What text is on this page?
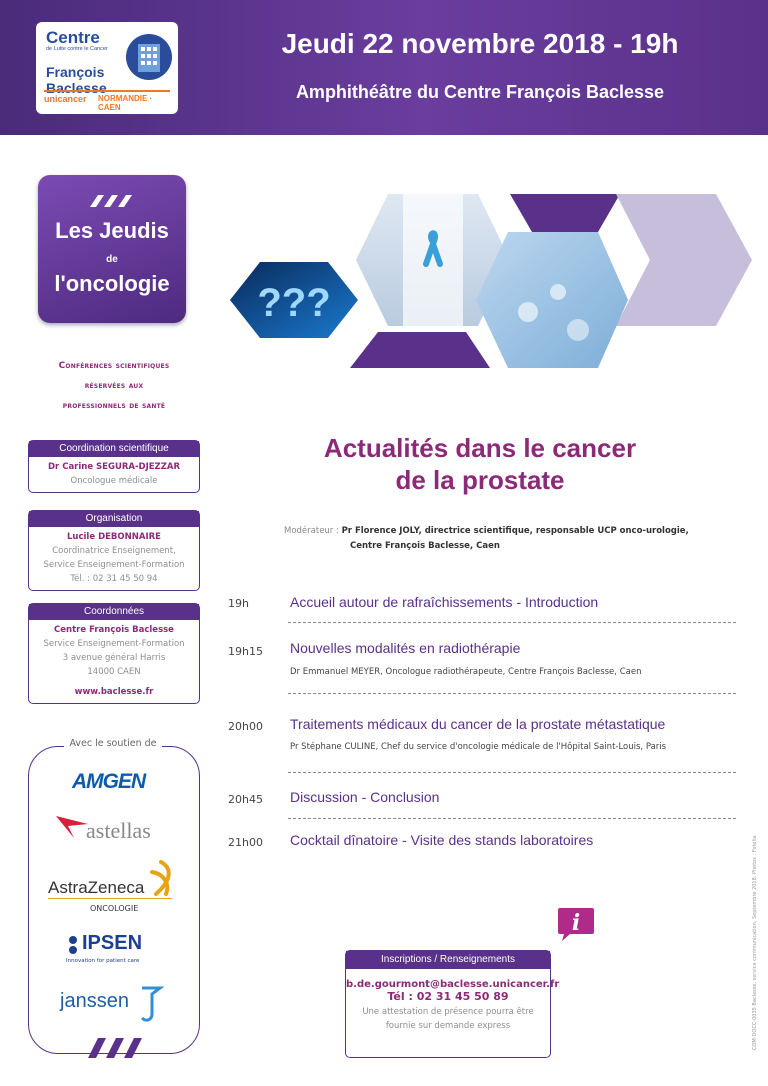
Centre
de Lutte contre le Cancer
François
Baclesse
unicancer NORMANDIE · CAEN
Jeudi 22 novembre 2018 - 19h
Amphithéâtre du Centre François Baclesse
Les Jeudis
de
l'oncologie
Conférences scientifiques
réservées aux
professionnels de santé
Coordination scientifique
Dr Carine SEGURA-DJEZZAR
Oncologue médicale
Organisation
Lucile DEBONNAIRE
Coordinatrice Enseignement,
Service Enseignement-Formation
Tél. : 02 31 45 50 94
Coordonnées
Centre François Baclesse
Service Enseignement-Formation
3 avenue général Harris
14000 CAEN
www.baclesse.fr
Avec le soutien de
AMGEN
astellas
AstraZeneca
ONCOLOGIE
IPSEN
Innovation for patient care
janssen
???
Actualités dans le cancer
de la prostate
Modérateur : Pr Florence JOLY, directrice scientifique, responsable UCP onco-urologie,
Centre François Baclesse, Caen
19h	Accueil autour de rafraîchissements - Introduction
19h15 Nouvelles modalités en radiothérapie
Dr Emmanuel MEYER, Oncologue radiothérapeute, Centre François Baclesse, Caen
20h00 Traitements médicaux du cancer de la prostate métastatique
Pr Stéphane CULINE, Chef du service d'oncologie médicale de l'Hôpital Saint-Louis, Paris
20h45 Discussion - Conclusion
21h00 Cocktail dînatoire - Visite des stands laboratoires
i
Inscriptions / Renseignements
b.de.gourmont@baclesse.unicancer.fr
Tél : 02 31 45 50 89
Une attestation de présence pourra être
fournie sur demande express	COM-DOCC-0035 Baclesse, service communication, Septembre 2018. Photos : Fotolia
